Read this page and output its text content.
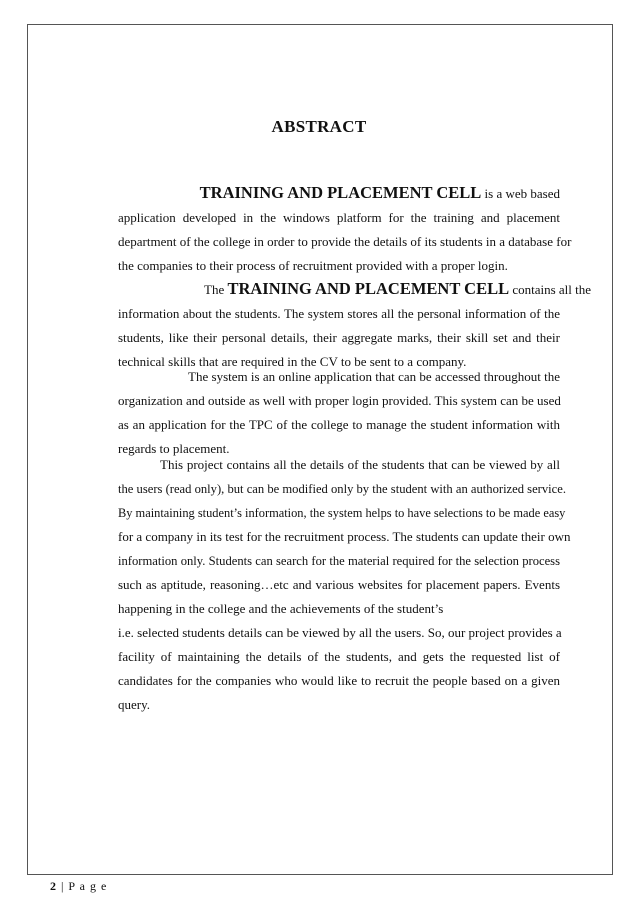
ABSTRACT
TRAINING AND PLACEMENT CELL is a web based
application developed in the windows platform for the training and placement
department of the college in order to provide the details of its students in a database for
the companies to their process of recruitment provided with a proper login.
The TRAINING AND PLACEMENT CELL contains all the
information about the students. The system stores all the personal information of the
students, like their personal details, their aggregate marks, their skill set and their
technical skills that are required in the CV to be sent to a company.
The system is an online application that can be accessed throughout the
organization and outside as well with proper login provided. This system can be used
as an application for the TPC of the college to manage the student information with
regards to placement.
This project contains all the details of the students that can be viewed by all
the users (read only), but can be modified only by the student with an authorized service.
By maintaining student’s information, the system helps to have selections to be made easy
for a company in its test for the recruitment process. The students can update their own
information only. Students can search for the material required for the selection process
such as aptitude, reasoning…etc and various websites for placement papers. Events
happening in the college and the achievements of the student’s
i.e. selected students details can be viewed by all the users. So, our project provides a
facility of maintaining the details of the students, and gets the requested list of
candidates for the companies who would like to recruit the people based on a given
query.
2 | P a g e
